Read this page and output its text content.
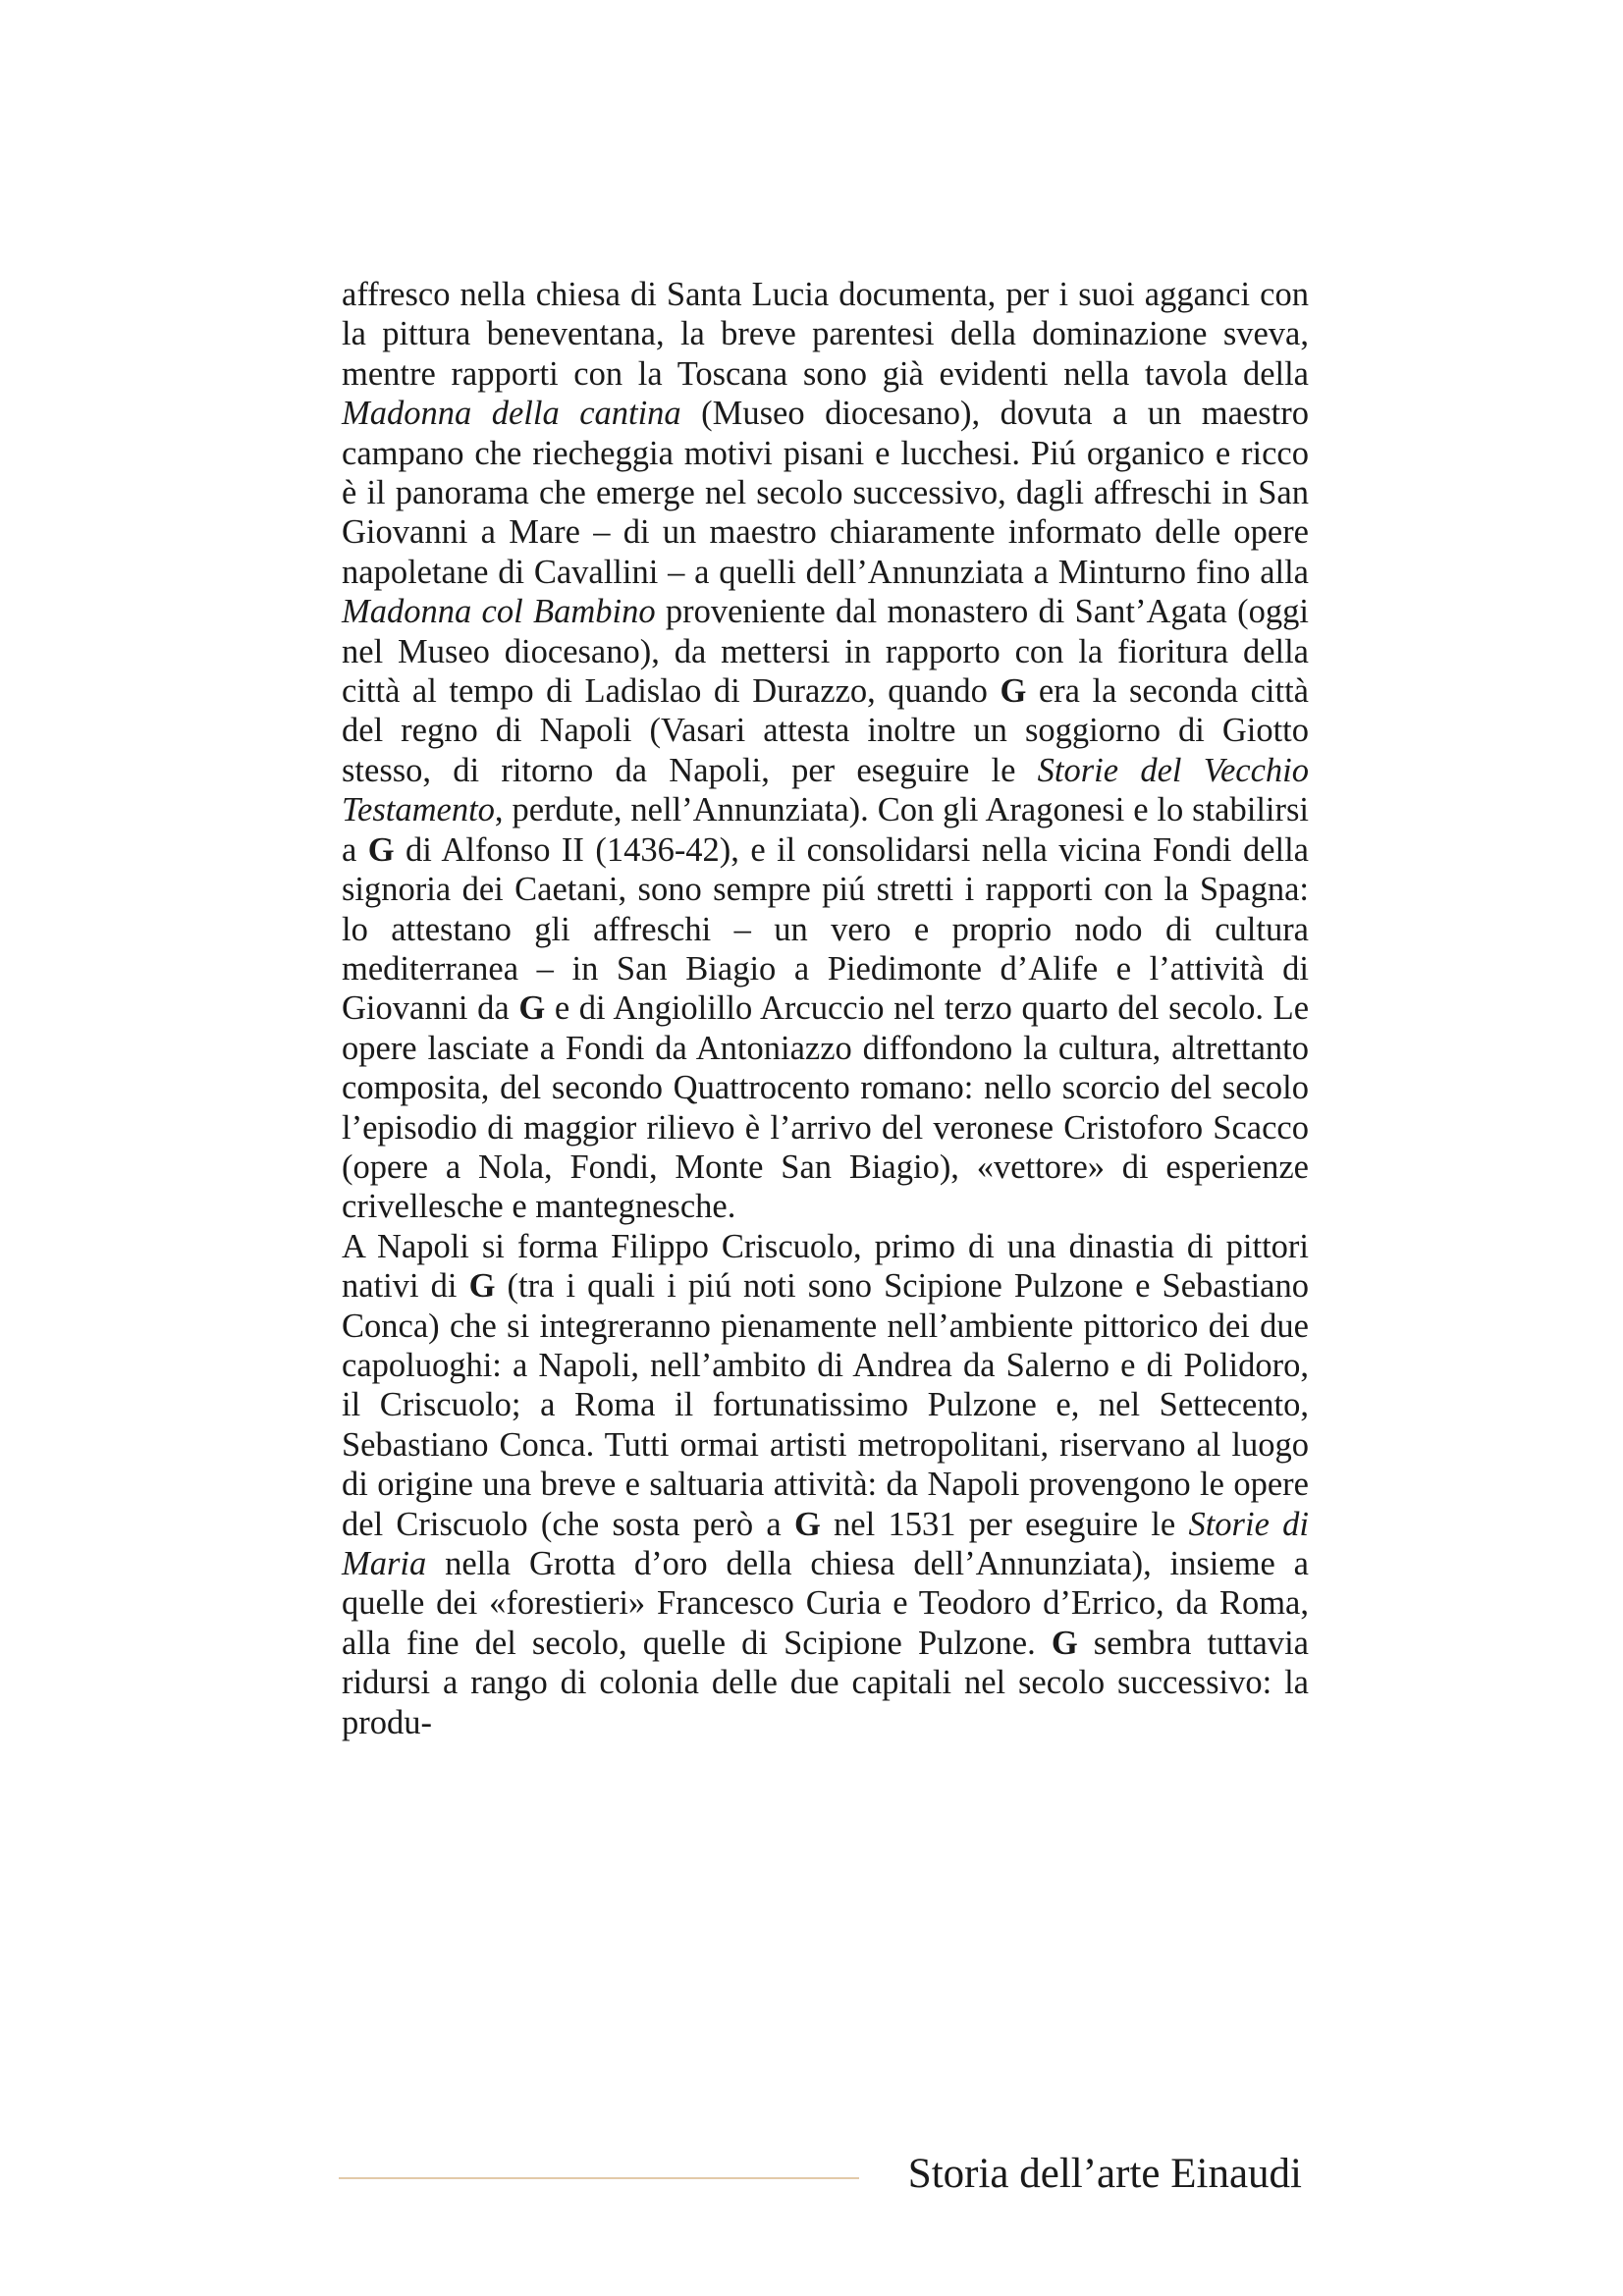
affresco nella chiesa di Santa Lucia documenta, per i suoi agganci con la pittura beneventana, la breve parentesi della dominazione sveva, mentre rapporti con la Toscana sono già evidenti nella tavola della Madonna della cantina (Museo diocesano), dovuta a un maestro campano che riecheggia motivi pisani e lucchesi. Piú organico e ricco è il panorama che emerge nel secolo successivo, dagli affreschi in San Giovanni a Mare – di un maestro chiaramente informato delle opere napoletane di Cavallini – a quelli dell’Annunziata a Minturno fino alla Madonna col Bambino proveniente dal monastero di Sant’Agata (oggi nel Museo diocesano), da mettersi in rapporto con la fioritura della città al tempo di Ladislao di Durazzo, quando G era la seconda città del regno di Napoli (Vasari attesta inoltre un soggiorno di Giotto stesso, di ritorno da Napoli, per eseguire le Storie del Vecchio Testamento, perdute, nell’Annunziata). Con gli Aragonesi e lo stabilirsi a G di Alfonso II (1436-42), e il consolidarsi nella vicina Fondi della signoria dei Caetani, sono sempre piú stretti i rapporti con la Spagna: lo attestano gli affreschi – un vero e proprio nodo di cultura mediterranea – in San Biagio a Piedimonte d’Alife e l’attività di Giovanni da G e di Angiolillo Arcuccio nel terzo quarto del secolo. Le opere lasciate a Fondi da Antoniazzo diffondono la cultura, altrettanto composita, del secondo Quattrocento romano: nello scorcio del secolo l’episodio di maggior rilievo è l’arrivo del veronese Cristoforo Scacco (opere a Nola, Fondi, Monte San Biagio), «vettore» di esperienze crivellesche e mantegnesche.

A Napoli si forma Filippo Criscuolo, primo di una dinastia di pittori nativi di G (tra i quali i piú noti sono Scipione Pulzone e Sebastiano Conca) che si integreranno pienamente nell’ambiente pittorico dei due capoluoghi: a Napoli, nell’ambito di Andrea da Salerno e di Polidoro, il Criscuolo; a Roma il fortunatissimo Pulzone e, nel Settecento, Sebastiano Conca. Tutti ormai artisti metropolitani, riservano al luogo di origine una breve e saltuaria attività: da Napoli provengono le opere del Criscuolo (che sosta però a G nel 1531 per eseguire le Storie di Maria nella Grotta d’oro della chiesa dell’Annunziata), insieme a quelle dei «forestieri» Francesco Curia e Teodoro d’Errico, da Roma, alla fine del secolo, quelle di Scipione Pulzone. G sembra tuttavia ridursi a rango di colonia delle due capitali nel secolo successivo: la produ-

Storia dell’arte Einaudi
